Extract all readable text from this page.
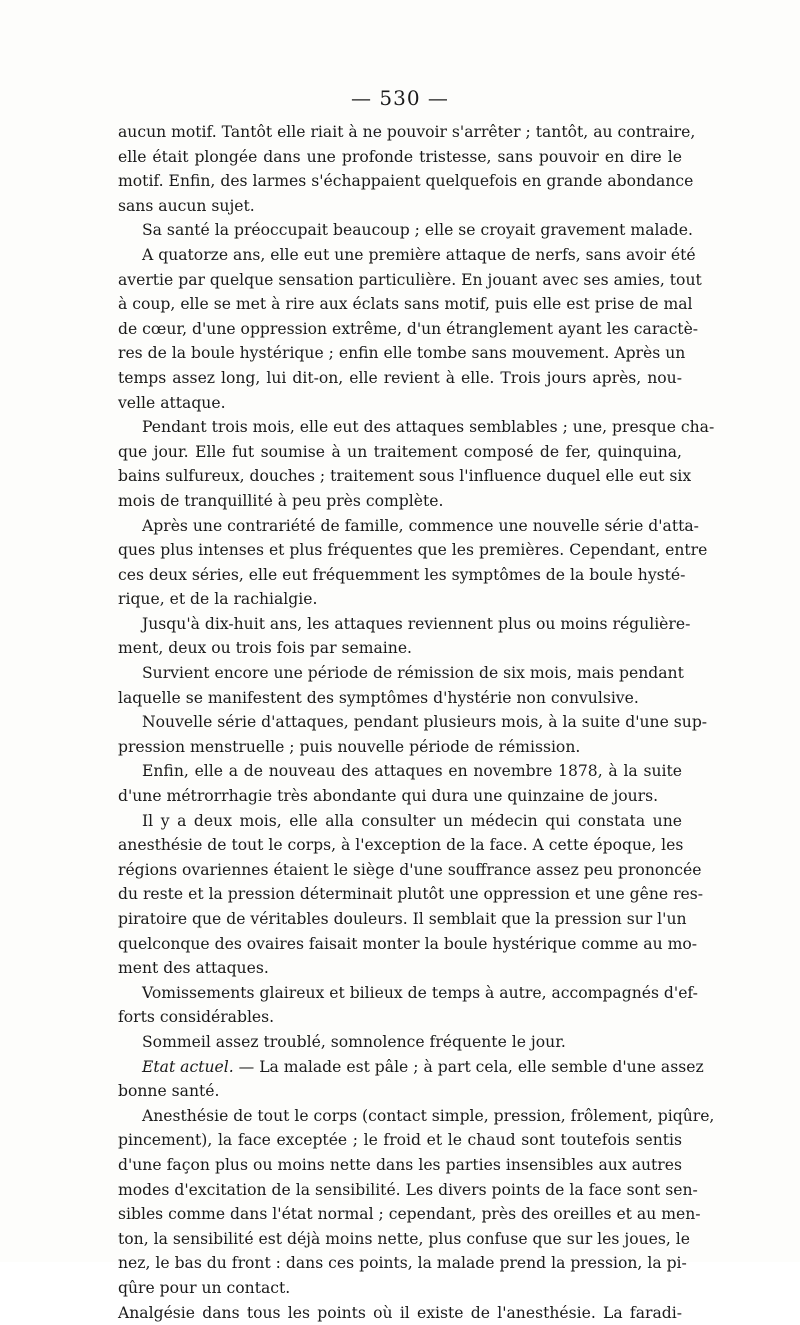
— 530 —
aucun motif. Tantôt elle riait à ne pouvoir s'arrêter ; tantôt, au contraire,
elle était plongée dans une profonde tristesse, sans pouvoir en dire le
motif. Enfin, des larmes s'échappaient quelquefois en grande abondance
sans aucun sujet.
Sa santé la préoccupait beaucoup ; elle se croyait gravement malade.
A quatorze ans, elle eut une première attaque de nerfs, sans avoir été
avertie par quelque sensation particulière. En jouant avec ses amies, tout
à coup, elle se met à rire aux éclats sans motif, puis elle est prise de mal
de cœur, d'une oppression extrême, d'un étranglement ayant les caractè-
res de la boule hystérique ; enfin elle tombe sans mouvement. Après un
temps assez long, lui dit-on, elle revient à elle. Trois jours après, nou-
velle attaque.
Pendant trois mois, elle eut des attaques semblables ; une, presque cha-
que jour. Elle fut soumise à un traitement composé de fer, quinquina,
bains sulfureux, douches ; traitement sous l'influence duquel elle eut six
mois de tranquillité à peu près complète.
Après une contrariété de famille, commence une nouvelle série d'atta-
ques plus intenses et plus fréquentes que les premières. Cependant, entre
ces deux séries, elle eut fréquemment les symptômes de la boule hysté-
rique, et de la rachialgie.
Jusqu'à dix-huit ans, les attaques reviennent plus ou moins régulière-
ment, deux ou trois fois par semaine.
Survient encore une période de rémission de six mois, mais pendant
laquelle se manifestent des symptômes d'hystérie non convulsive.
Nouvelle série d'attaques, pendant plusieurs mois, à la suite d'une sup-
pression menstruelle ; puis nouvelle période de rémission.
Enfin, elle a de nouveau des attaques en novembre 1878, à la suite
d'une métrorrhagie très abondante qui dura une quinzaine de jours.
Il y a deux mois, elle alla consulter un médecin qui constata une
anesthésie de tout le corps, à l'exception de la face. A cette époque, les
régions ovariennes étaient le siège d'une souffrance assez peu prononcée
du reste et la pression déterminait plutôt une oppression et une gêne res-
piratoire que de véritables douleurs. Il semblait que la pression sur l'un
quelconque des ovaires faisait monter la boule hystérique comme au mo-
ment des attaques.
Vomissements glaireux et bilieux de temps à autre, accompagnés d'ef-
forts considérables.
Sommeil assez troublé, somnolence fréquente le jour.
Etat actuel. — La malade est pâle ; à part cela, elle semble d'une assez
bonne santé.
Anesthésie de tout le corps (contact simple, pression, frôlement, piqûre,
pincement), la face exceptée ; le froid et le chaud sont toutefois sentis
d'une façon plus ou moins nette dans les parties insensibles aux autres
modes d'excitation de la sensibilité. Les divers points de la face sont sen-
sibles comme dans l'état normal ; cependant, près des oreilles et au men-
ton, la sensibilité est déjà moins nette, plus confuse que sur les joues, le
nez, le bas du front : dans ces points, la malade prend la pression, la pi-
qûre pour un contact.
Analgésie dans tous les points où il existe de l'anesthésie. La faradi-
